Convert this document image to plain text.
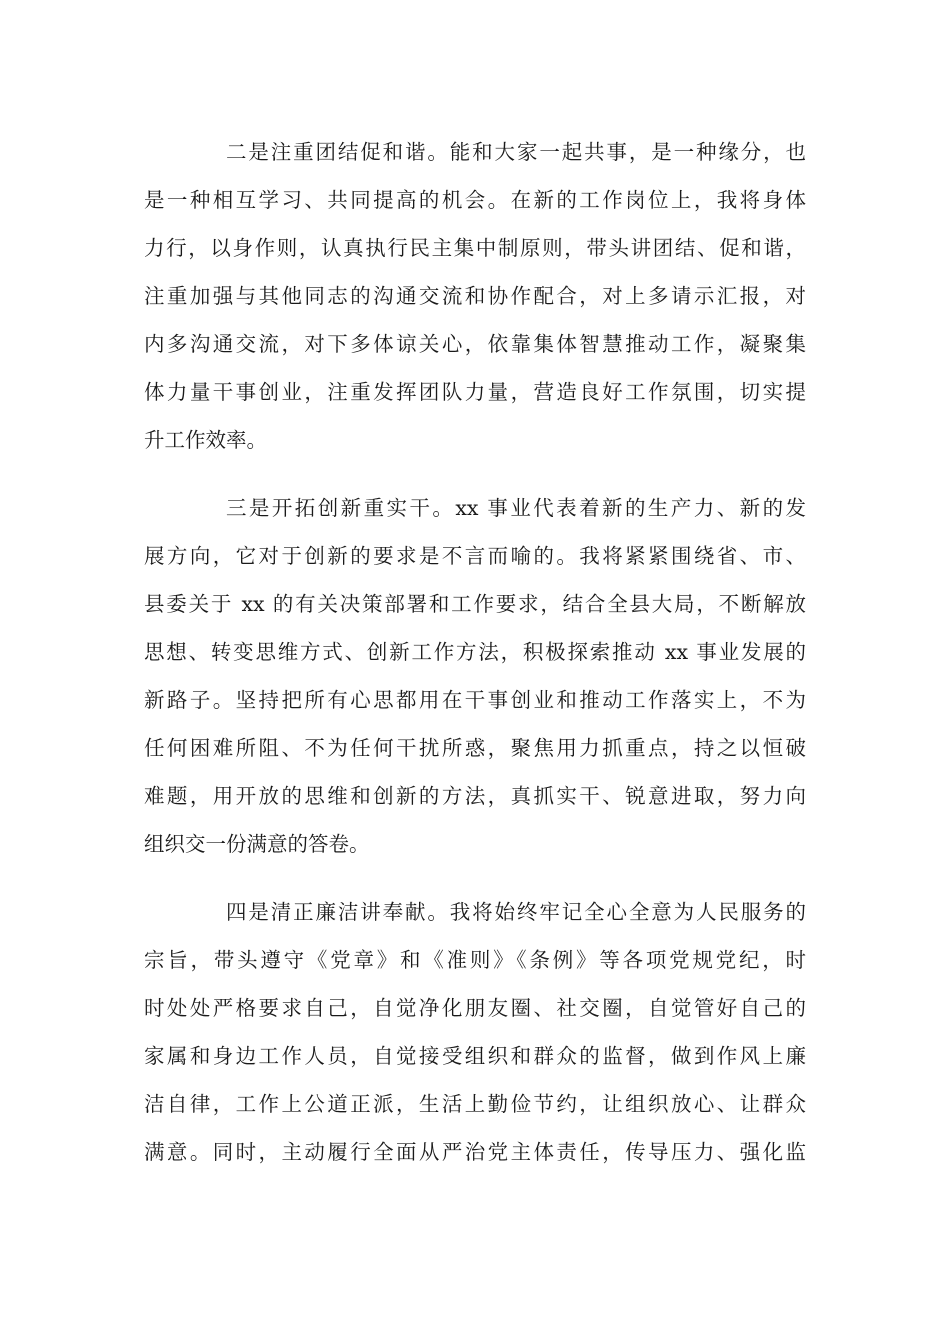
二是注重团结促和谐。能和大家一起共事，是一种缘分，也
是一种相互学习、共同提高的机会。在新的工作岗位上，我将身体
力行，以身作则，认真执行民主集中制原则，带头讲团结、促和谐，
注重加强与其他同志的沟通交流和协作配合，对上多请示汇报，对
内多沟通交流，对下多体谅关心，依靠集体智慧推动工作，凝聚集
体力量干事创业，注重发挥团队力量，营造良好工作氛围，切实提
升工作效率。
三是开拓创新重实干。xx 事业代表着新的生产力、新的发
展方向，它对于创新的要求是不言而喻的。我将紧紧围绕省、市、
县委关于 xx 的有关决策部署和工作要求，结合全县大局，不断解放
思想、转变思维方式、创新工作方法，积极探索推动 xx 事业发展的
新路子。坚持把所有心思都用在干事创业和推动工作落实上，不为
任何困难所阻、不为任何干扰所惑，聚焦用力抓重点，持之以恒破
难题，用开放的思维和创新的方法，真抓实干、锐意进取，努力向
组织交一份满意的答卷。
四是清正廉洁讲奉献。我将始终牢记全心全意为人民服务的
宗旨，带头遵守《党章》和《准则》《条例》等各项党规党纪，时
时处处严格要求自己，自觉净化朋友圈、社交圈，自觉管好自己的
家属和身边工作人员，自觉接受组织和群众的监督，做到作风上廉
洁自律，工作上公道正派，生活上勤俭节约，让组织放心、让群众
满意。同时，主动履行全面从严治党主体责任，传导压力、强化监
